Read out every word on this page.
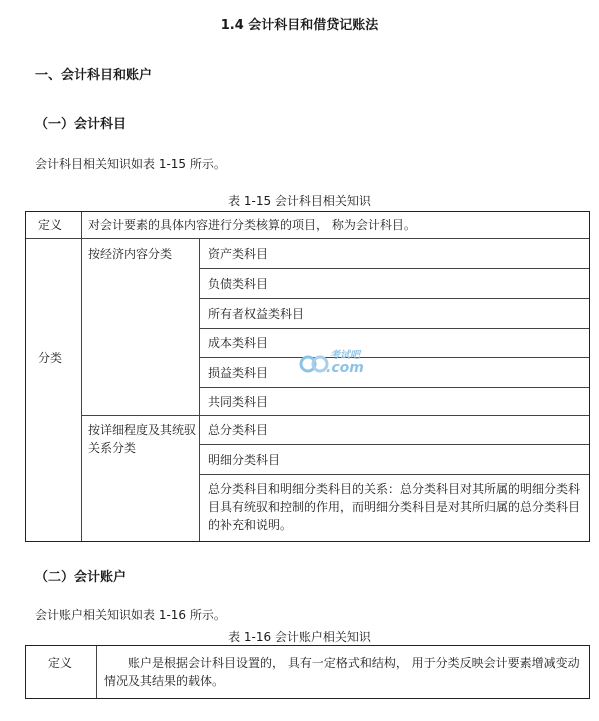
1.4 会计科目和借贷记账法
一、会计科目和账户
（一）会计科目
会计科目相关知识如表 1-15 所示。
表 1-15 会计科目相关知识
定义 对会计要素的具体内容进行分类核算的项目， 称为会计科目。
分类
按经济内容分类	资产类科目
负债类科目
所有者权益类科目
成本类科目
损益类科目
共同类科目
按详细程度及其统驭关系分类
总分类科目
明细分类科目
总分类科目和明细分类科目的关系：总分类科目对其所属的明细分类科目具有统驭和控制的作用，而明细分类科目是对其所归属的总分类科目的补充和说明。
考试吧
.com
（二）会计账户
会计账户相关知识如表 1-16 所示。
表 1-16 会计账户相关知识
定义	账户是根据会计科目设置的， 具有一定格式和结构， 用于分类反映会计要素增减变动情况及其结果的载体。
